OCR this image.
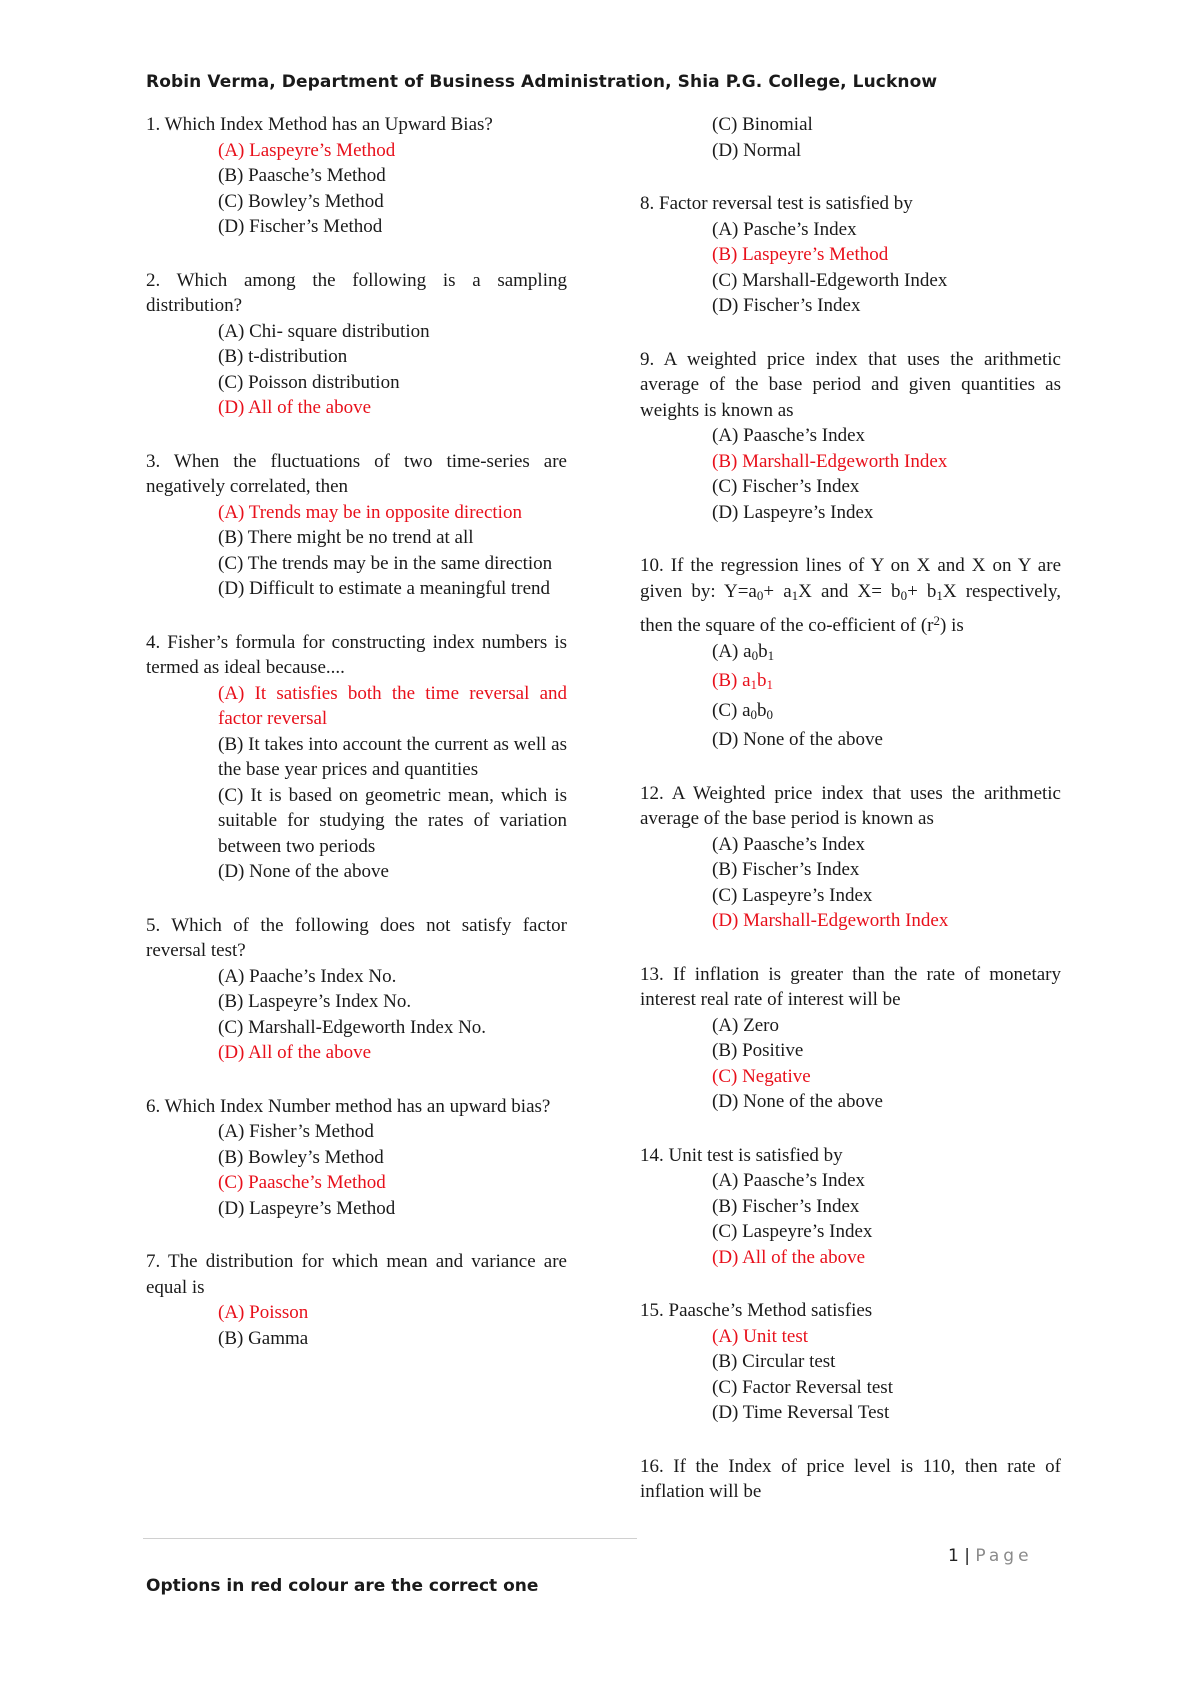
Robin Verma, Department of Business Administration, Shia P.G. College, Lucknow

1. Which Index Method has an Upward Bias?

(A) Laspeyre’s Method

(B) Paasche’s Method

(C) Bowley’s Method

(D) Fischer’s Method

2. Which among the following is a sampling distribution?

(A) Chi- square distribution

(B) t-distribution

(C) Poisson distribution

(D) All of the above

3. When the fluctuations of two time-series are negatively correlated, then

(A) Trends may be in opposite direction

(B) There might be no trend at all

(C) The trends may be in the same direction

(D) Difficult to estimate a meaningful trend

4. Fisher’s formula for constructing index numbers is termed as ideal because....

(A) It satisfies both the time reversal and factor reversal

(B) It takes into account the current as well as the base year prices and quantities

(C) It is based on geometric mean, which is suitable for studying the rates of variation between two periods

(D) None of the above

5. Which of the following does not satisfy factor reversal test?

(A) Paache’s Index No.

(B) Laspeyre’s Index No.

(C) Marshall-Edgeworth Index No.

(D) All of the above

6. Which Index Number method has an upward bias?

(A) Fisher’s Method

(B) Bowley’s Method

(C) Paasche’s Method

(D) Laspeyre’s Method

7. The distribution for which mean and variance are equal is

(A) Poisson

(B) Gamma

(C) Binomial

(D) Normal

8. Factor reversal test is satisfied by

(A) Pasche’s Index

(B) Laspeyre’s Method

(C) Marshall-Edgeworth Index

(D) Fischer’s Index

9. A weighted price index that uses the arithmetic average of the base period and given quantities as weights is known as

(A) Paasche’s Index

(B) Marshall-Edgeworth Index

(C) Fischer’s Index

(D) Laspeyre’s Index

10. If the regression lines of Y on X and X on Y are given by: $Y=a_0+ a_1X$ and $X= b_0+ b_1X$ respectively, then the square of the co-efficient of $(r^2)$ is

(A) $a_0b_1$

(B) $a_1b_1$

(C) $a_0b_0$

(D) None of the above

12. A Weighted price index that uses the arithmetic average of the base period is known as

(A) Paasche’s Index

(B) Fischer’s Index

(C) Laspeyre’s Index

(D) Marshall-Edgeworth Index

13. If inflation is greater than the rate of monetary interest real rate of interest will be

(A) Zero

(B) Positive

(C) Negative

(D) None of the above

14. Unit test is satisfied by

(A) Paasche’s Index

(B) Fischer’s Index

(C) Laspeyre’s Index

(D) All of the above

15. Paasche’s Method satisfies

(A) Unit test

(B) Circular test

(C) Factor Reversal test

(D) Time Reversal Test

16. If the Index of price level is 110, then rate of inflation will be

1 | Page
Options in red colour are the correct one
